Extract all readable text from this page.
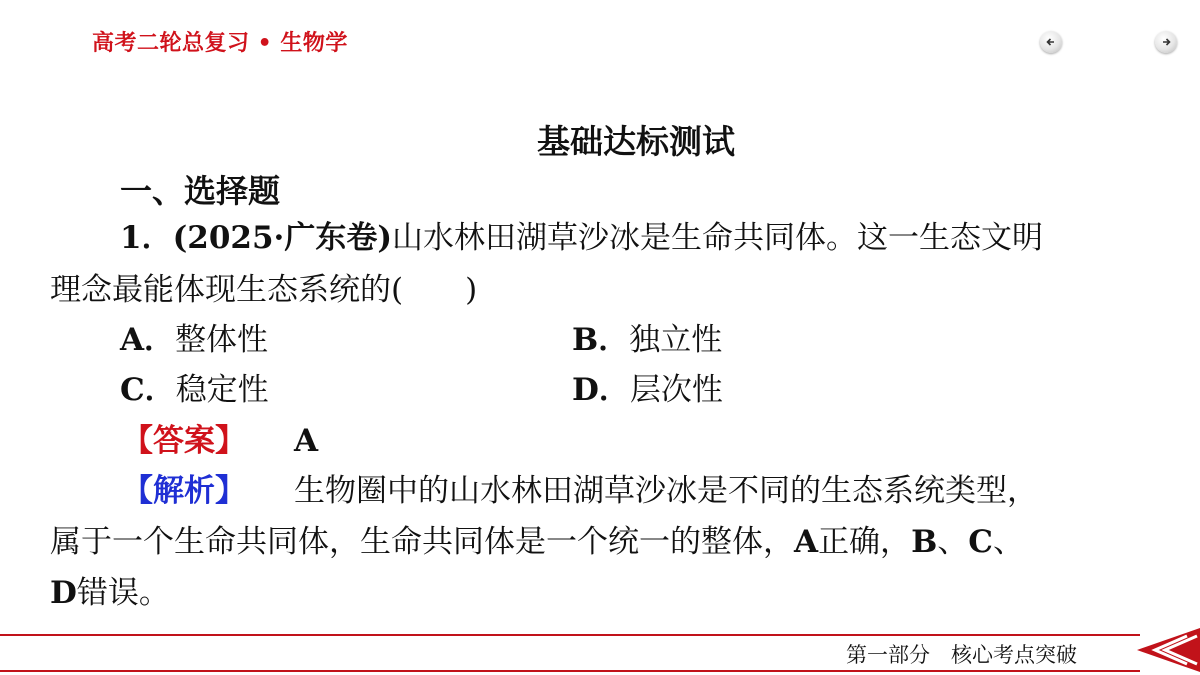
高考二轮总复习 • 生物学
基础达标测试
一、选择题
1．(2025·广东卷)山水林田湖草沙冰是生命共同体。这一生态文明
理念最能体现生态系统的(　　)
A．整体性	B．独立性
C．稳定性	D．层次性
【答案】 A
【解析】 生物圈中的山水林田湖草沙冰是不同的生态系统类型，
属于一个生命共同体，生命共同体是一个统一的整体，A正确，B、C、
D错误。
第一部分　核心考点突破
